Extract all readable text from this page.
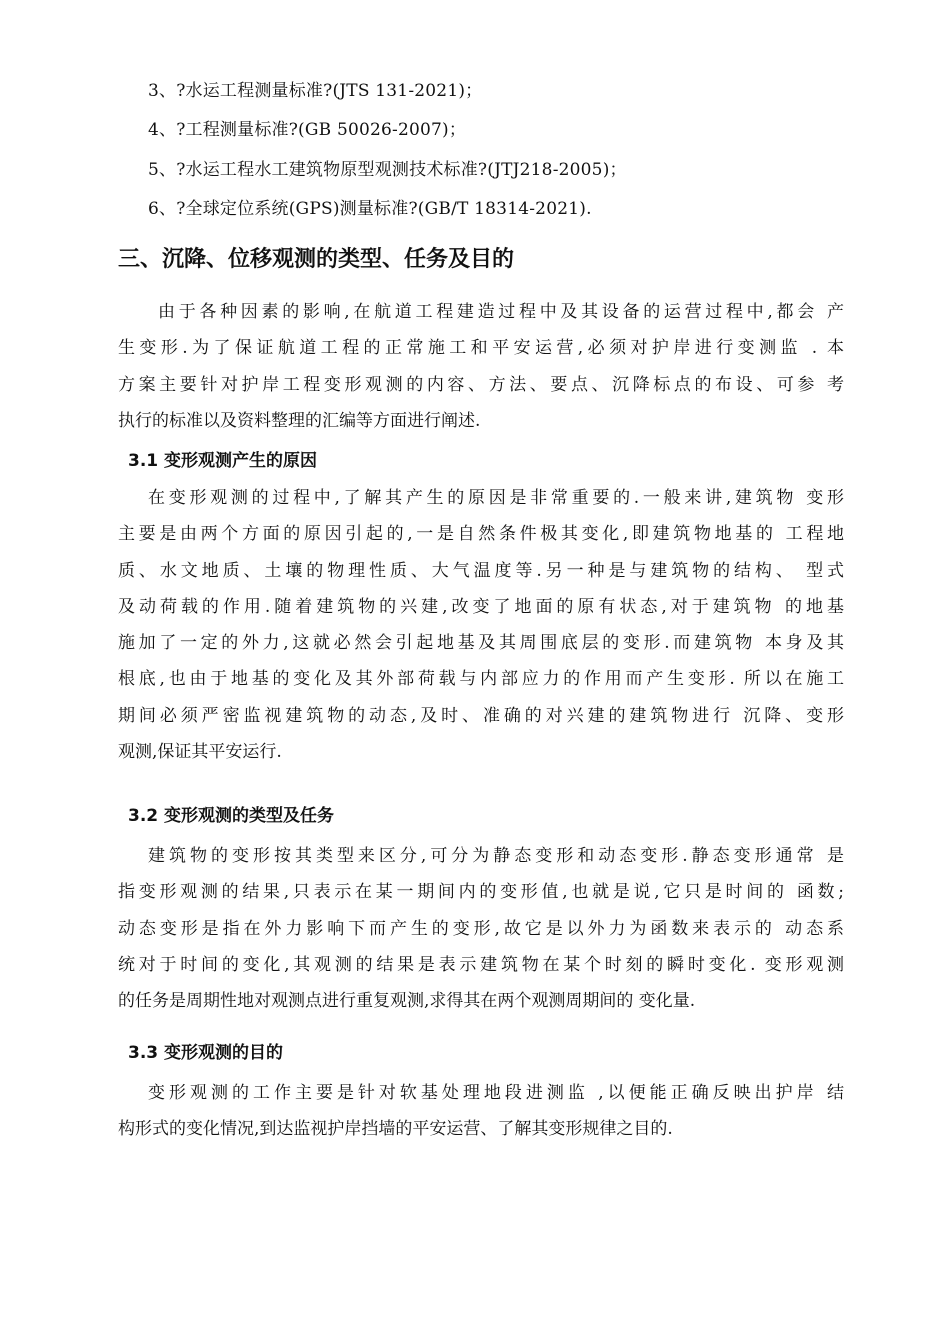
3、?水运工程测量标准?(JTS 131-2021)；
4、?工程测量标准?(GB 50026-2007)；
5、?水运工程水工建筑物原型观测技术标准?(JTJ218-2005)；
6、?全球定位系统(GPS)测量标准?(GB/T 18314-2021).
三、沉降、位移观测的类型、任务及目的
由于各种因素的影响,在航道工程建造过程中及其设备的运营过程中,都会 产
生变形.为了保证航道工程的正常施工和平安运营,必须对护岸进行变测监 . 本
方案主要针对护岸工程变形观测的内容、方法、要点、沉降标点的布设、可参 考
执行的标准以及资料整理的汇编等方面进行阐述.
3.1 变形观测产生的原因
在变形观测的过程中,了解其产生的原因是非常重要的.一般来讲,建筑物 变形
主要是由两个方面的原因引起的,一是自然条件极其变化,即建筑物地基的 工程地
质、水文地质、土壤的物理性质、大气温度等.另一种是与建筑物的结构、 型式
及动荷载的作用.随着建筑物的兴建,改变了地面的原有状态,对于建筑物 的地基
施加了一定的外力,这就必然会引起地基及其周围底层的变形.而建筑物 本身及其
根底,也由于地基的变化及其外部荷载与内部应力的作用而产生变形. 所以在施工
期间必须严密监视建筑物的动态,及时、准确的对兴建的建筑物进行 沉降、变形
观测,保证其平安运行.
3.2 变形观测的类型及任务
建筑物的变形按其类型来区分,可分为静态变形和动态变形.静态变形通常 是
指变形观测的结果,只表示在某一期间内的变形值,也就是说,它只是时间的 函数;
动态变形是指在外力影响下而产生的变形,故它是以外力为函数来表示的 动态系
统对于时间的变化,其观测的结果是表示建筑物在某个时刻的瞬时变化. 变形观测
的任务是周期性地对观测点进行重复观测,求得其在两个观测周期间的 变化量.
3.3 变形观测的目的
变形观测的工作主要是针对软基处理地段进测监 ,以便能正确反映出护岸 结
构形式的变化情况,到达监视护岸挡墙的平安运营、了解其变形规律之目的.
